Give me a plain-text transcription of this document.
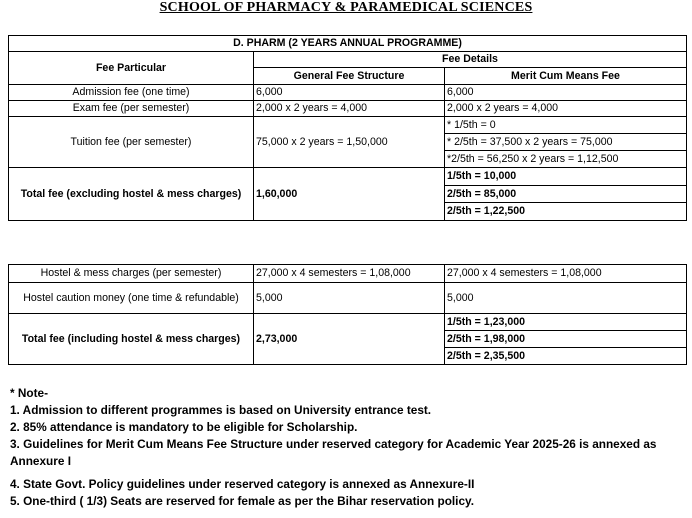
SCHOOL OF PHARMACY & PARAMEDICAL SCIENCES
D. PHARM (2 YEARS ANNUAL PROGRAMME)		
Fee Particular	Fee Details	
	General Fee Structure	Merit Cum Means Fee
Admission fee (one time)	6,000	6,000
Exam fee (per semester)	2,000 x 2 years = 4,000	2,000 x 2 years = 4,000
Tuition fee (per semester)	75,000 x 2 years = 1,50,000	* 1/5th = 0
		* 2/5th = 37,500 x 2 years = 75,000
		*2/5th = 56,250 x 2 years = 1,12,500
Total fee (excluding hostel & mess charges)	1,60,000	1/5th = 10,000
		2/5th = 85,000
		2/5th = 1,22,500
Hostel & mess charges (per semester)	27,000 x 4 semesters = 1,08,000	27,000 x 4 semesters = 1,08,000
Hostel caution money (one time & refundable)	5,000	5,000
Total fee (including hostel & mess charges)	2,73,000	1/5th = 1,23,000
		2/5th = 1,98,000
		2/5th = 2,35,500
* Note-
1. Admission to different programmes is based on University entrance test.
2. 85% attendance is mandatory to be eligible for Scholarship.
3. Guidelines for Merit Cum Means Fee Structure under reserved category for Academic Year 2025-26 is annexed as
Annexure I
4. State Govt. Policy guidelines under reserved category is annexed as Annexure-II
5. One-third ( 1/3) Seats are reserved for female as per the Bihar reservation policy.
